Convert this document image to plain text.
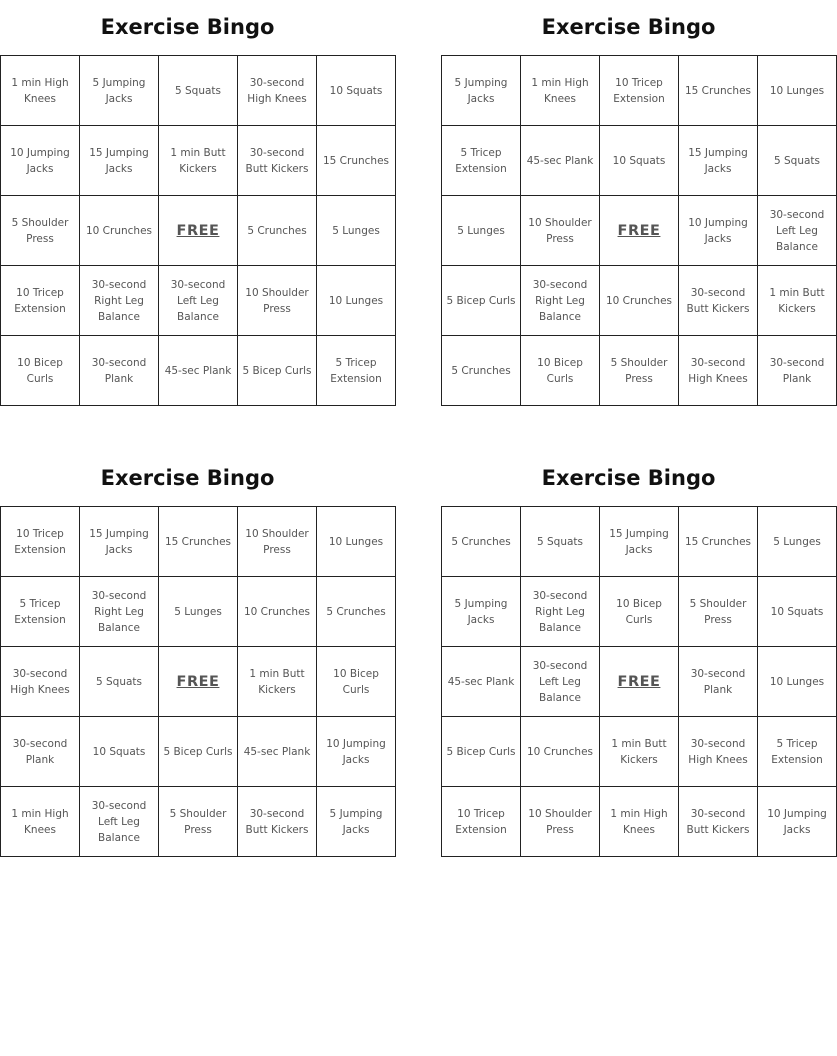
Exercise Bingo
1 min High Knees	5 Jumping Jacks	5 Squats	30-second High Knees	10 Squats
10 Jumping Jacks	15 Jumping Jacks	1 min Butt Kickers	30-second Butt Kickers	15 Crunches
5 Shoulder Press	10 Crunches	FREE	5 Crunches	5 Lunges
10 Tricep Extension	30-second Right Leg Balance	30-second Left Leg Balance	10 Shoulder Press	10 Lunges
10 Bicep Curls	30-second Plank	45-sec Plank	5 Bicep Curls	5 Tricep Extension
Exercise Bingo
5 Jumping Jacks	1 min High Knees	10 Tricep Extension	15 Crunches	10 Lunges
5 Tricep Extension	45-sec Plank	10 Squats	15 Jumping Jacks	5 Squats
5 Lunges	10 Shoulder Press	FREE	10 Jumping Jacks	30-second Left Leg Balance
5 Bicep Curls	30-second Right Leg Balance	10 Crunches	30-second Butt Kickers	1 min Butt Kickers
5 Crunches	10 Bicep Curls	5 Shoulder Press	30-second High Knees	30-second Plank
Exercise Bingo
10 Tricep Extension	15 Jumping Jacks	15 Crunches	10 Shoulder Press	10 Lunges
5 Tricep Extension	30-second Right Leg Balance	5 Lunges	10 Crunches	5 Crunches
30-second High Knees	5 Squats	FREE	1 min Butt Kickers	10 Bicep Curls
30-second Plank	10 Squats	5 Bicep Curls	45-sec Plank	10 Jumping Jacks
1 min High Knees	30-second Left Leg Balance	5 Shoulder Press	30-second Butt Kickers	5 Jumping Jacks
Exercise Bingo
5 Crunches	5 Squats	15 Jumping Jacks	15 Crunches	5 Lunges
5 Jumping Jacks	30-second Right Leg Balance	10 Bicep Curls	5 Shoulder Press	10 Squats
45-sec Plank	30-second Left Leg Balance	FREE	30-second Plank	10 Lunges
5 Bicep Curls	10 Crunches	1 min Butt Kickers	30-second High Knees	5 Tricep Extension
10 Tricep Extension	10 Shoulder Press	1 min High Knees	30-second Butt Kickers	10 Jumping Jacks
